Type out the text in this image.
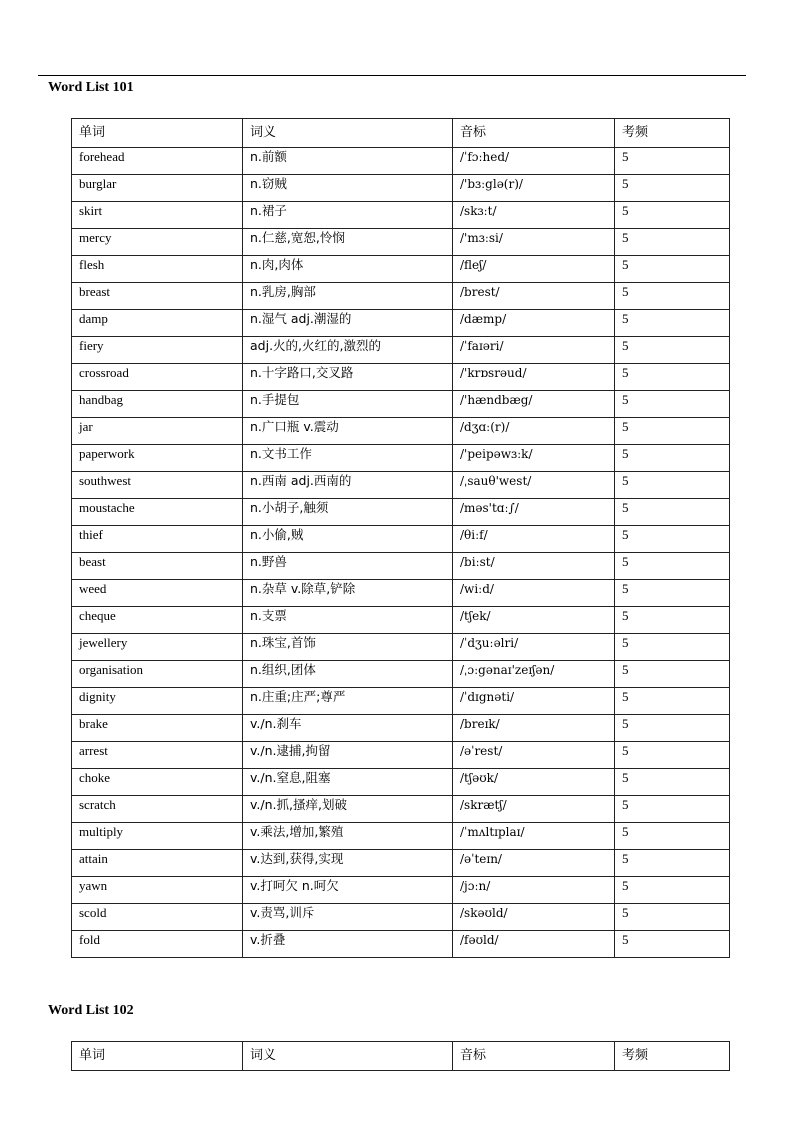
Word List 101
单词	词义	音标	考频
forehead	n.前额	/ˈfɔːhed/	5
burglar	n.窃贼	/'bɜːglə(r)/	5
skirt	n.裙子	/skɜːt/	5
mercy	n.仁慈,宽恕,怜悯	/'mɜːsi/	5
flesh	n.肉,肉体	/fleʃ/	5
breast	n.乳房,胸部	/brest/	5
damp	n.湿气 adj.潮湿的	/dæmp/	5
fiery	adj.火的,火红的,激烈的	/ˈfaɪəri/	5
crossroad	n.十字路口,交叉路	/'krɒsrəud/	5
handbag	n.手提包	/'hændbæg/	5
jar	n.广口瓶 v.震动	/dʒɑː(r)/	5
paperwork	n.文书工作	/'peipəwɜːk/	5
southwest	n.西南 adj.西南的	/ˌsauθ'west/	5
moustache	n.小胡子,触须	/məs'tɑː∫/	5
thief	n.小偷,贼	/θiːf/	5
beast	n.野兽	/biːst/	5
weed	n.杂草 v.除草,铲除	/wiːd/	5
cheque	n.支票	/tʃek/	5
jewellery	n.珠宝,首饰	/ˈdʒuːəlri/	5
organisation	n.组织,团体	/ˌɔːgənaɪ'zeɪʃən/	5
dignity	n.庄重;庄严;尊严	/ˈdɪgnəti/	5
brake	v./n.刹车	/breɪk/	5
arrest	v./n.逮捕,拘留	/əˈrest/	5
choke	v./n.窒息,阻塞	/tʃəʊk/	5
scratch	v./n.抓,搔痒,划破	/skrætʃ/	5
multiply	v.乘法,增加,繁殖	/ˈmʌltɪplaɪ/	5
attain	v.达到,获得,实现	/əˈteɪn/	5
yawn	v.打呵欠 n.呵欠	/jɔːn/	5
scold	v.责骂,训斥	/skəʊld/	5
fold	v.折叠	/fəʊld/	5
Word List 102
单词	词义	音标	考频
